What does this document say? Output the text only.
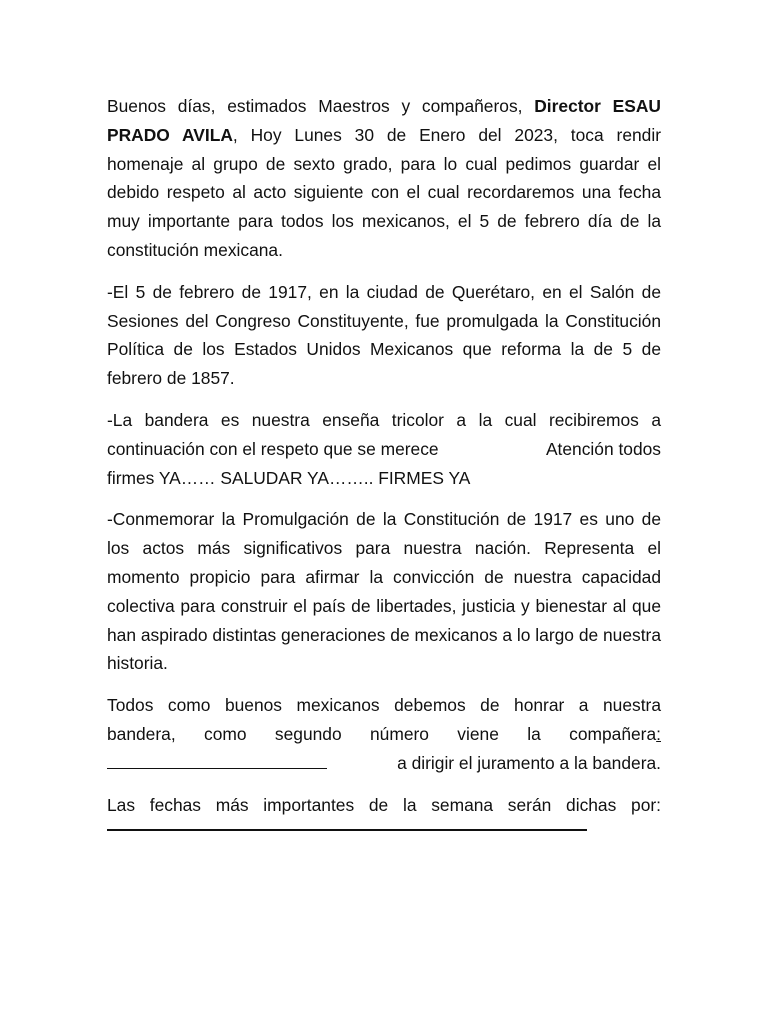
Buenos días, estimados Maestros y compañeros, Director ESAU PRADO AVILA, Hoy Lunes 30 de Enero del 2023, toca rendir homenaje al grupo de sexto grado, para lo cual pedimos guardar el debido respeto al acto siguiente con el cual recordaremos una fecha muy importante para todos los mexicanos, el 5 de febrero día de la constitución mexicana.

-El 5 de febrero de 1917, en la ciudad de Querétaro, en el Salón de Sesiones del Congreso Constituyente, fue promulgada la Constitución Política de los Estados Unidos Mexicanos que reforma la de 5 de febrero de 1857.

-La bandera es nuestra enseña tricolor a la cual recibiremos a
continuación con el respeto que se merece	Atención todos
firmes YA…… SALUDAR YA…….. FIRMES YA

-Conmemorar la Promulgación de la Constitución de 1917 es uno de los actos más significativos para nuestra nación. Representa el momento propicio para afirmar la convicción de nuestra capacidad colectiva para construir el país de libertades, justicia y bienestar al que han aspirado distintas generaciones de mexicanos a lo largo de nuestra historia.

Todos como buenos mexicanos debemos de honrar a nuestra
bandera, como segundo número viene la compañera:
a dirigir el juramento a la bandera.
Las fechas más importantes de la semana serán dichas por:
